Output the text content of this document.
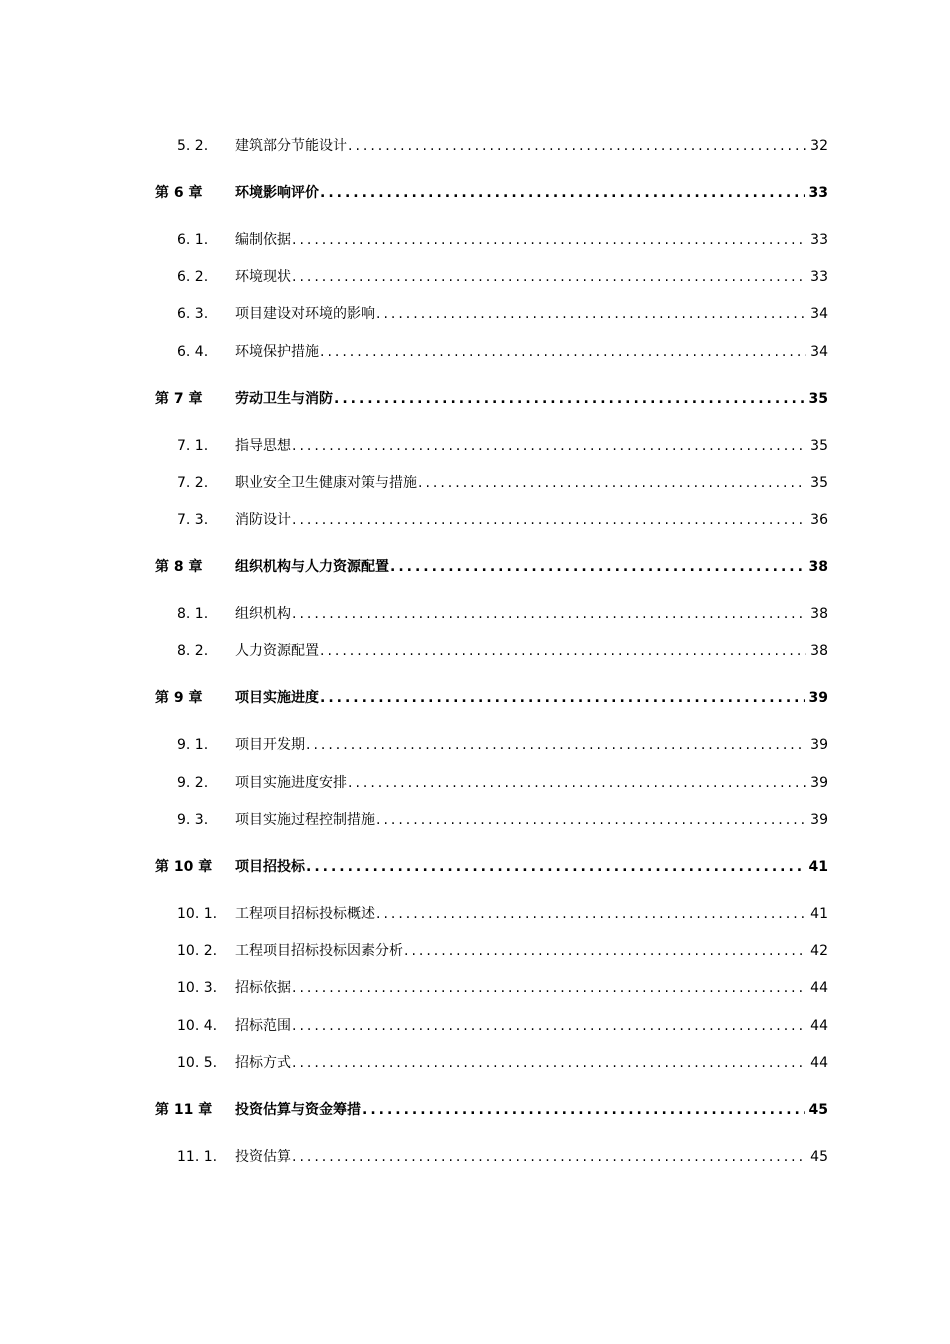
5. 2. 建筑部分节能设计 .....	32
第 6 章 环境影响评价 .....	33
6. 1. 编制依据 .....	33
6. 2. 环境现状 .....	33
6. 3. 项目建设对环境的影响 .....	34
6. 4. 环境保护措施 .....	34
第 7 章 劳动卫生与消防 .....	35
7. 1. 指导思想 .....	35
7. 2. 职业安全卫生健康对策与措施 .....	35
7. 3. 消防设计 .....	36
第 8 章 组织机构与人力资源配置 .....	38
8. 1. 组织机构 .....	38
8. 2. 人力资源配置 .....	38
第 9 章 项目实施进度 .....	39
9. 1. 项目开发期 .....	39
9. 2. 项目实施进度安排 .....	39
9. 3. 项目实施过程控制措施 .....	39
第 10 章 项目招投标 .....	41
10. 1. 工程项目招标投标概述 .....	41
10. 2. 工程项目招标投标因素分析 .....	42
10. 3. 招标依据 .....	44
10. 4. 招标范围 .....	44
10. 5. 招标方式 .....	44
第 11 章 投资估算与资金筹措 .....	45
11. 1. 投资估算 .....	45
